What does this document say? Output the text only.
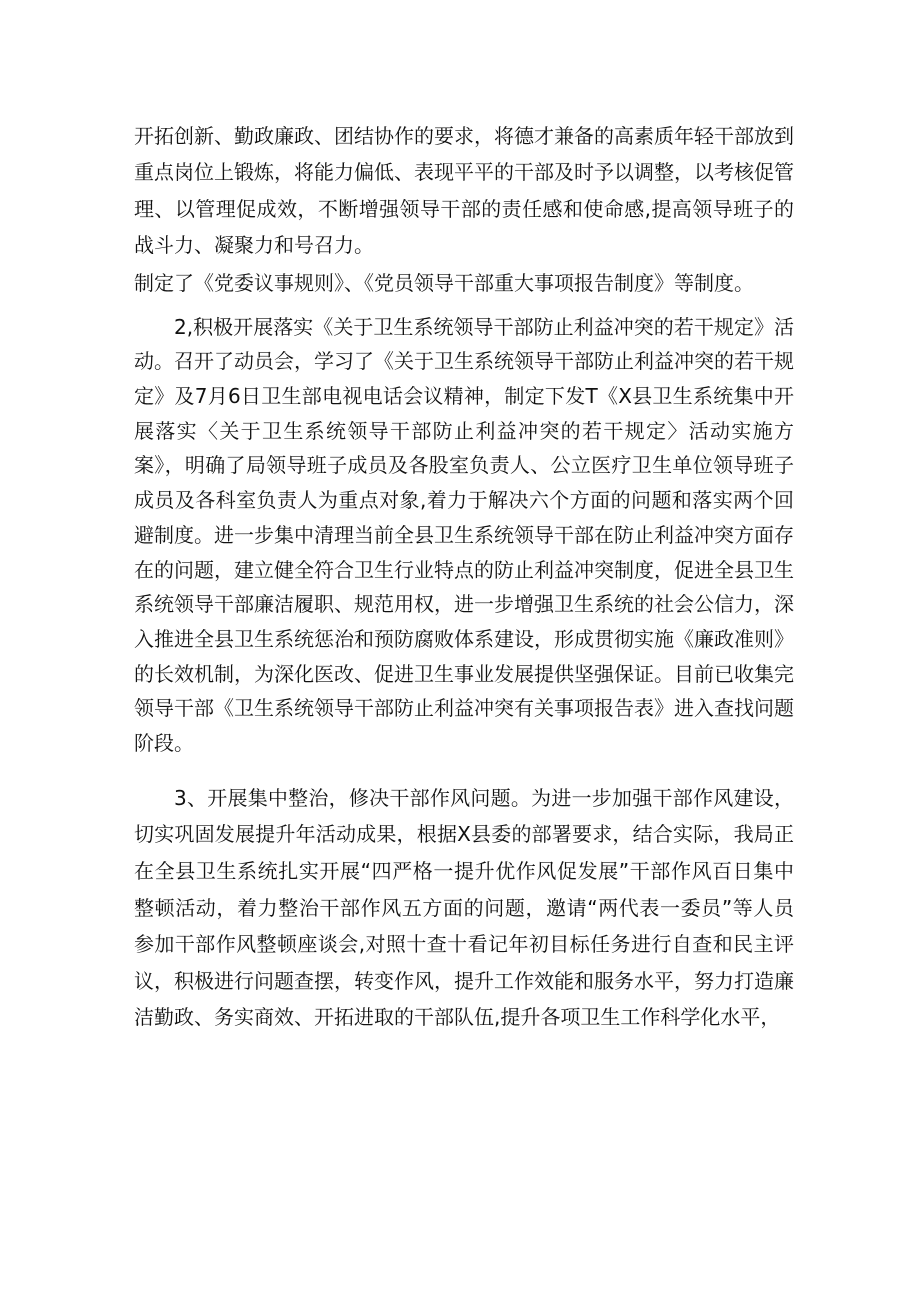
开拓创新、勤政廉政、团结协作的要求，将德才兼备的高素质年轻干部放到重点岗位上锻炼，将能力偏低、表现平平的干部及时予以调整，以考核促管理、以管理促成效，不断增强领导干部的责任感和使命感,提高领导班子的战斗力、凝聚力和号召力。

制定了《党委议事规则》、《党员领导干部重大事项报告制度》等制度。

2,积极开展落实《关于卫生系统领导干部防止利益冲突的若干规定》活动。召开了动员会，学习了《关于卫生系统领导干部防止利益冲突的若干规定》及7月6日卫生部电视电话会议精神，制定下发T《X县卫生系统集中开展落实〈关于卫生系统领导干部防止利益冲突的若干规定〉活动实施方案》，明确了局领导班子成员及各股室负责人、公立医疗卫生单位领导班子成员及各科室负责人为重点对象,着力于解决六个方面的问题和落实两个回避制度。进一步集中清理当前全县卫生系统领导干部在防止利益冲突方面存在的问题，建立健全符合卫生行业特点的防止利益冲突制度，促进全县卫生系统领导干部廉洁履职、规范用权，进一步增强卫生系统的社会公信力，深入推进全县卫生系统惩治和预防腐败体系建设，形成贯彻实施《廉政准则》的长效机制，为深化医改、促进卫生事业发展提供坚强保证。目前已收集完领导干部《卫生系统领导干部防止利益冲突有关事项报告表》进入查找问题阶段。

3、开展集中整治，修决干部作风问题。为进一步加强干部作风建设，切实巩固发展提升年活动成果，根据X县委的部署要求，结合实际，我局正在全县卫生系统扎实开展“四严格一提升优作风促发展”干部作风百日集中整顿活动，着力整治干部作风五方面的问题，邀请“两代表一委员”等人员参加干部作风整顿座谈会,对照十查十看记年初目标任务进行自查和民主评议，积极进行问题查摆，转变作风，提升工作效能和服务水平，努力打造廉洁勤政、务实商效、开拓进取的干部队伍,提升各项卫生工作科学化水平，
